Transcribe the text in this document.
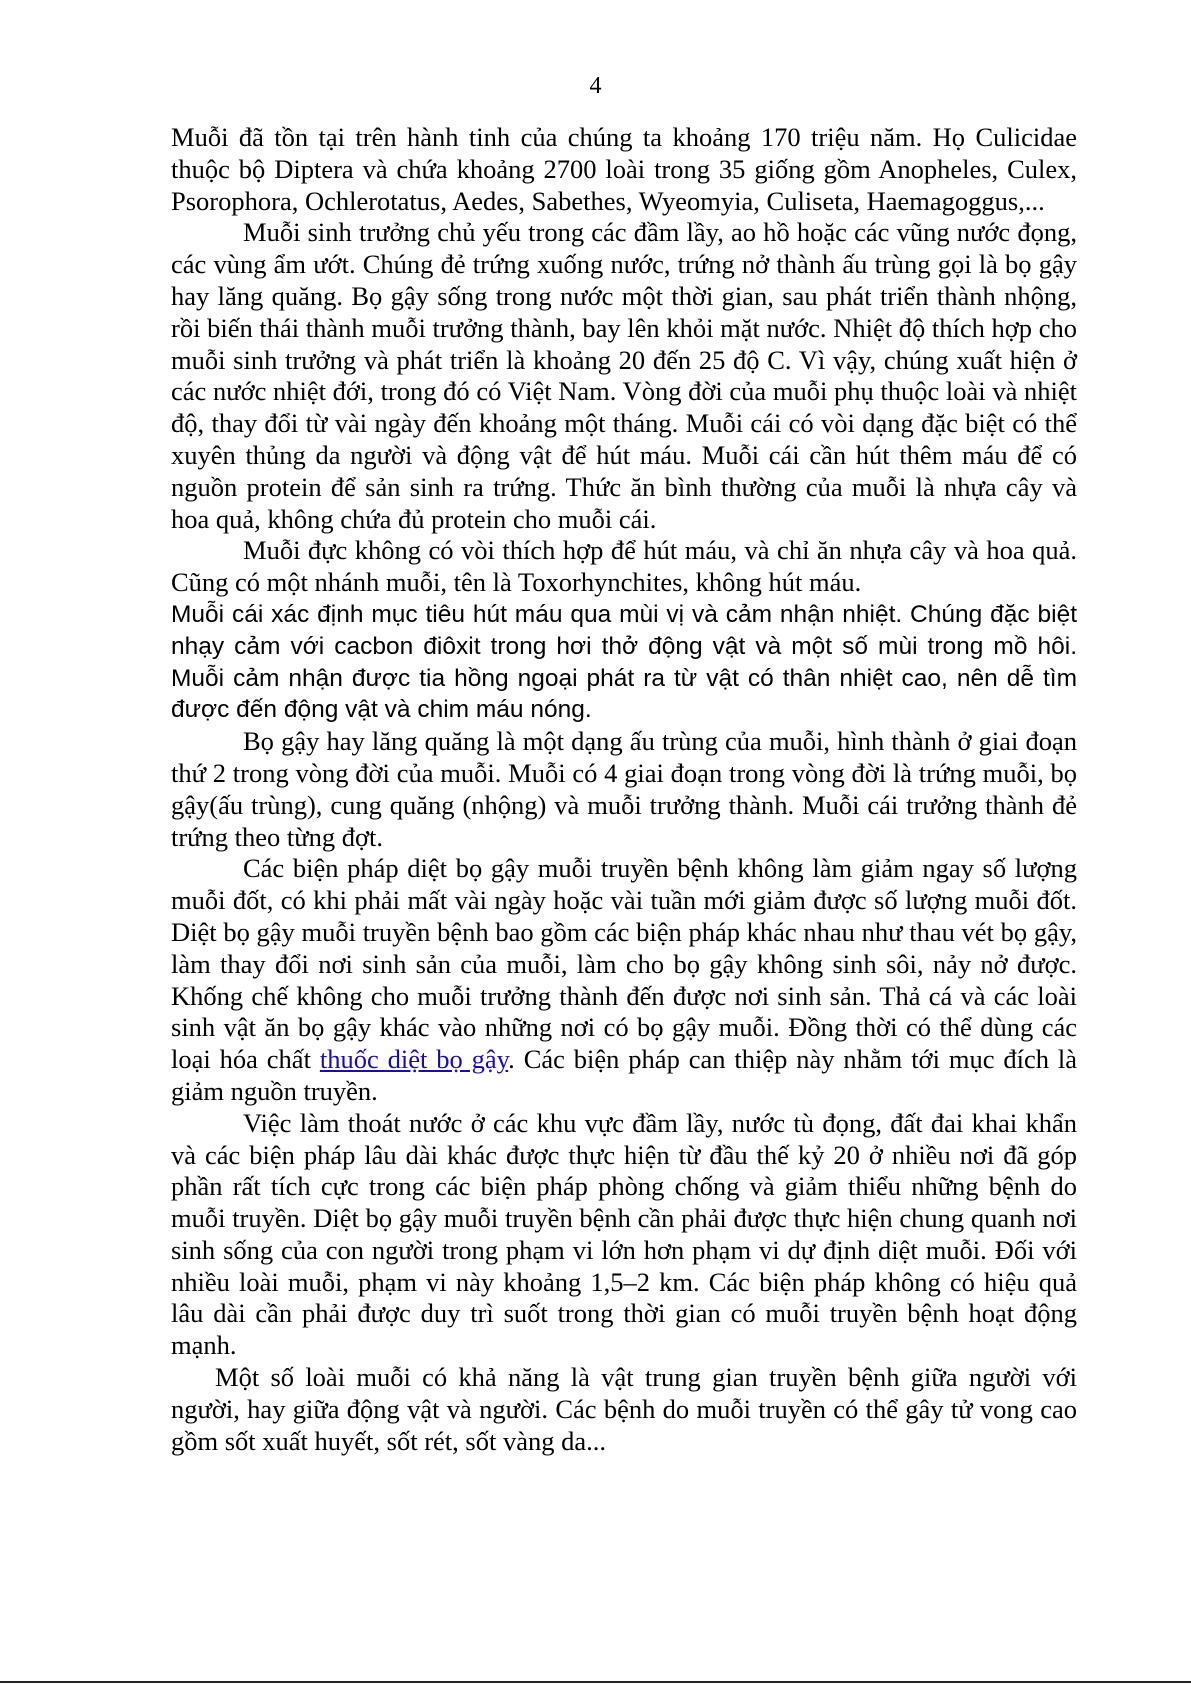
4

Muỗi đã tồn tại trên hành tinh của chúng ta khoảng 170 triệu năm. Họ Culicidae thuộc bộ Diptera và chứa khoảng 2700 loài trong 35 giống gồm Anopheles, Culex, Psorophora, Ochlerotatus, Aedes, Sabethes, Wyeomyia, Culiseta, Haemagoggus,...

Muỗi sinh trưởng chủ yếu trong các đầm lầy, ao hồ hoặc các vũng nước đọng, các vùng ẩm ướt. Chúng đẻ trứng xuống nước, trứng nở thành ấu trùng gọi là bọ gậy hay lăng quăng. Bọ gậy sống trong nước một thời gian, sau phát triển thành nhộng, rồi biến thái thành muỗi trưởng thành, bay lên khỏi mặt nước. Nhiệt độ thích hợp cho muỗi sinh trưởng và phát triển là khoảng 20 đến 25 độ C. Vì vậy, chúng xuất hiện ở các nước nhiệt đới, trong đó có Việt Nam. Vòng đời của muỗi phụ thuộc loài và nhiệt độ, thay đổi từ vài ngày đến khoảng một tháng. Muỗi cái có vòi dạng đặc biệt có thể xuyên thủng da người và động vật để hút máu. Muỗi cái cần hút thêm máu để có nguồn protein để sản sinh ra trứng. Thức ăn bình thường của muỗi là nhựa cây và hoa quả, không chứa đủ protein cho muỗi cái.

Muỗi đực không có vòi thích hợp để hút máu, và chỉ ăn nhựa cây và hoa quả. Cũng có một nhánh muỗi, tên là Toxorhynchites, không hút máu.

Muỗi cái xác định mục tiêu hút máu qua mùi vị và cảm nhận nhiệt. Chúng đặc biệt nhạy cảm với cacbon điôxit trong hơi thở động vật và một số mùi trong mồ hôi. Muỗi cảm nhận được tia hồng ngoại phát ra từ vật có thân nhiệt cao, nên dễ tìm được đến động vật và chim máu nóng.

Bọ gậy hay lăng quăng là một dạng ấu trùng của muỗi, hình thành ở giai đoạn thứ 2 trong vòng đời của muỗi. Muỗi có 4 giai đoạn trong vòng đời là trứng muỗi, bọ gậy(ấu trùng), cung quăng (nhộng) và muỗi trưởng thành. Muỗi cái trưởng thành đẻ trứng theo từng đợt.

Các biện pháp diệt bọ gậy muỗi truyền bệnh không làm giảm ngay số lượng muỗi đốt, có khi phải mất vài ngày hoặc vài tuần mới giảm được số lượng muỗi đốt. Diệt bọ gậy muỗi truyền bệnh bao gồm các biện pháp khác nhau như thau vét bọ gậy, làm thay đổi nơi sinh sản của muỗi, làm cho bọ gậy không sinh sôi, nảy nở được. Khống chế không cho muỗi trưởng thành đến được nơi sinh sản. Thả cá và các loài sinh vật ăn bọ gậy khác vào những nơi có bọ gậy muỗi. Đồng thời có thể dùng các loại hóa chất thuốc diệt bọ gậy. Các biện pháp can thiệp này nhằm tới mục đích là giảm nguồn truyền.

Việc làm thoát nước ở các khu vực đầm lầy, nước tù đọng, đất đai khai khẩn và các biện pháp lâu dài khác được thực hiện từ đầu thế kỷ 20 ở nhiều nơi đã góp phần rất tích cực trong các biện pháp phòng chống và giảm thiểu những bệnh do muỗi truyền. Diệt bọ gậy muỗi truyền bệnh cần phải được thực hiện chung quanh nơi sinh sống của con người trong phạm vi lớn hơn phạm vi dự định diệt muỗi. Đối với nhiều loài muỗi, phạm vi này khoảng 1,5–2 km. Các biện pháp không có hiệu quả lâu dài cần phải được duy trì suốt trong thời gian có muỗi truyền bệnh hoạt động mạnh.

Một số loài muỗi có khả năng là vật trung gian truyền bệnh giữa người với người, hay giữa động vật và người. Các bệnh do muỗi truyền có thể gây tử vong cao gồm sốt xuất huyết, sốt rét, sốt vàng da...
